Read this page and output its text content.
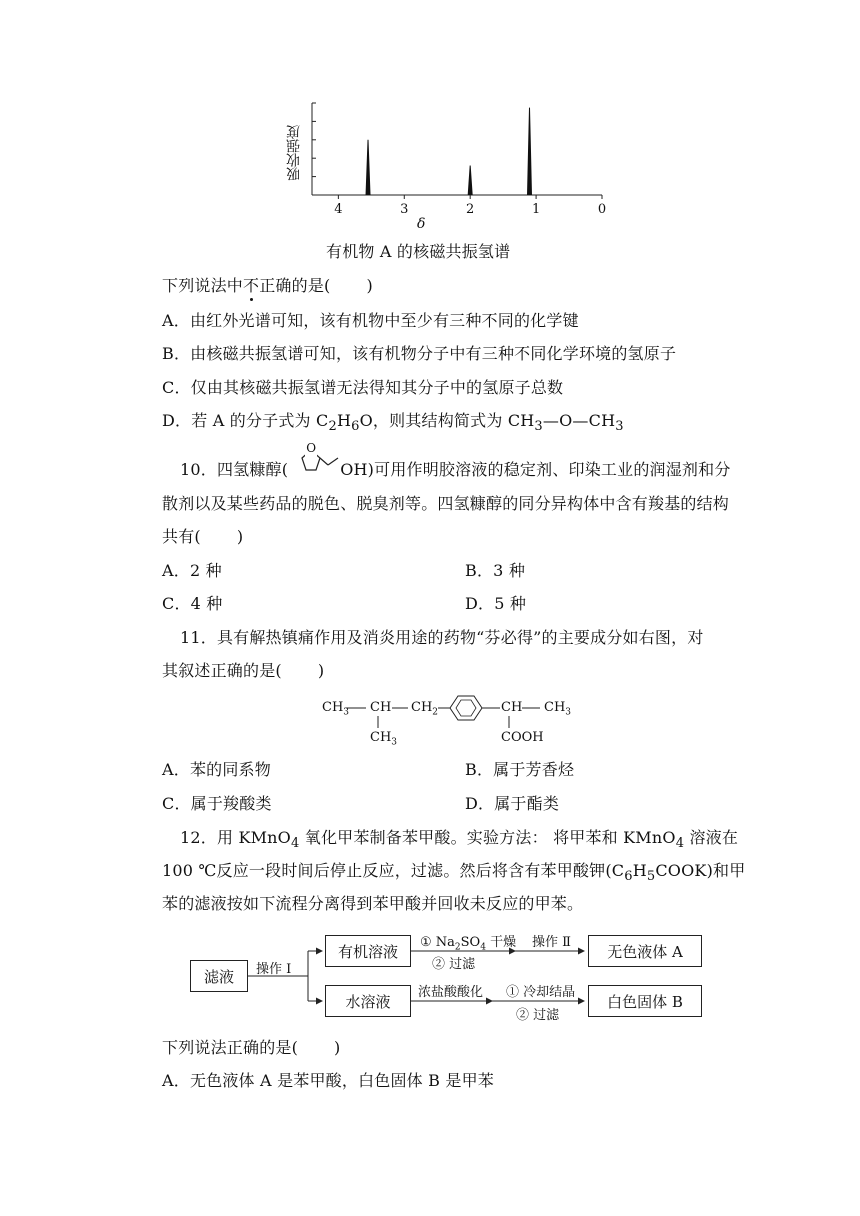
4	3	2	1	0
吸收强度
δ
有机物 A 的核磁共振氢谱
下列说法中不正确的是( )
A．由红外光谱可知，该有机物中至少有三种不同的化学键
B．由核磁共振氢谱可知，该有机物分子中有三种不同化学环境的氢原子
C．仅由其核磁共振氢谱无法得知其分子中的氢原子总数
D．若 A 的分子式为 $C_2H_6O$，则其结构简式为 $CH_3—O—CH_3$
10．四氢糠醇(
O
OH)可用作明胶溶液的稳定剂、印染工业的润湿剂和分
散剂以及某些药品的脱色、脱臭剂等。四氢糠醇的同分异构体中含有羧基的结构
共有( )
A．2 种	B．3 种
C．4 种	D．5 种
11．具有解热镇痛作用及消炎用途的药物“芬必得”的主要成分如右图，对
其叙述正确的是( )
$CH_3$ CH $CH_2$	CH $CH_3$
$CH_3$	COOH
A．苯的同系物	B．属于芳香烃
C．属于羧酸类	D．属于酯类
12．用 KMnO$_4$ 氧化甲苯制备苯甲酸。实验方法： 将甲苯和 KMnO$_4$ 溶液在
100 ℃反应一段时间后停止反应，过滤。然后将含有苯甲酸钾$(C_6H_5COOK)$和甲
苯的滤液按如下流程分离得到苯甲酸并回收未反应的甲苯。
滤液	操作 Ⅰ
有机溶液
水溶液
① $Na_2SO_4$ 干燥
② 过滤
操作 Ⅱ	无色液体 A
浓盐酸酸化 ① 冷却结晶
② 过滤
白色固体 B
下列说法正确的是( )
A．无色液体 A 是苯甲酸，白色固体 B 是甲苯
